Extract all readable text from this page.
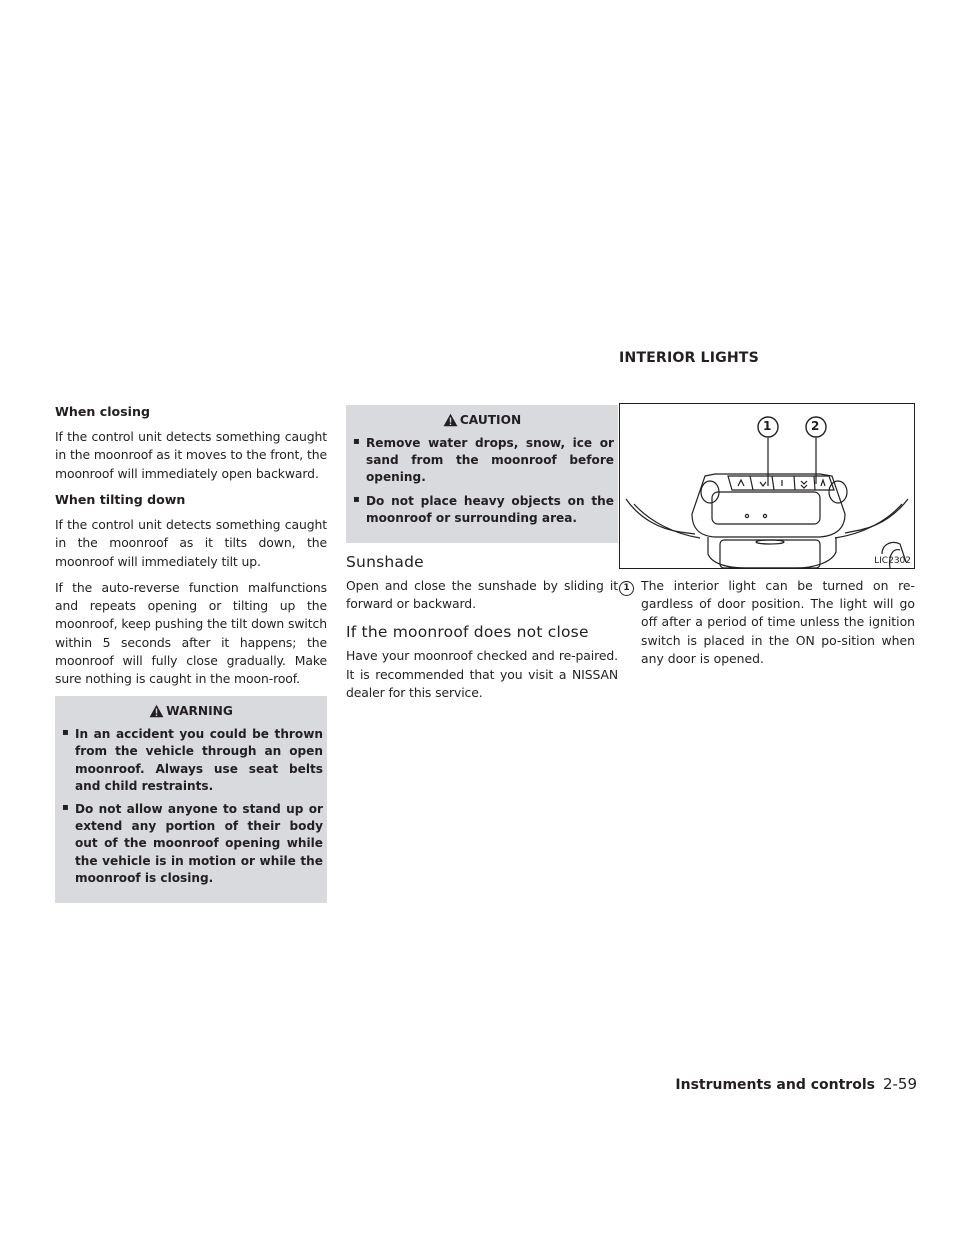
When closing

If the control unit detects something caught in the moonroof as it moves to the front, the moonroof will immediately open backward.

When tilting down

If the control unit detects something caught in the moonroof as it tilts down, the moonroof will immediately tilt up.

If the auto-reverse function malfunctions and repeats opening or tilting up the moonroof, keep pushing the tilt down switch within 5 seconds after it happens; the moonroof will fully close gradually. Make sure nothing is caught in the moon-roof.

WARNING
▪ In an accident you could be thrown from the vehicle through an open moonroof. Always use seat belts and child restraints.
▪ Do not allow anyone to stand up or extend any portion of their body out of the moonroof opening while the vehicle is in motion or while the moonroof is closing.
CAUTION
▪ Remove water drops, snow, ice or sand from the moonroof before opening.
▪ Do not place heavy objects on the moonroof or surrounding area.
Sunshade

Open and close the sunshade by sliding it forward or backward.

If the moonroof does not close

Have your moonroof checked and re-paired. It is recommended that you visit a NISSAN dealer for this service.

INTERIOR LIGHTS
1	2
LIC2302
1 The interior light can be turned on re-gardless of door position. The light will go off after a period of time unless the ignition switch is placed in the ON po-sition when any door is opened.
Instruments and controls 2-59
